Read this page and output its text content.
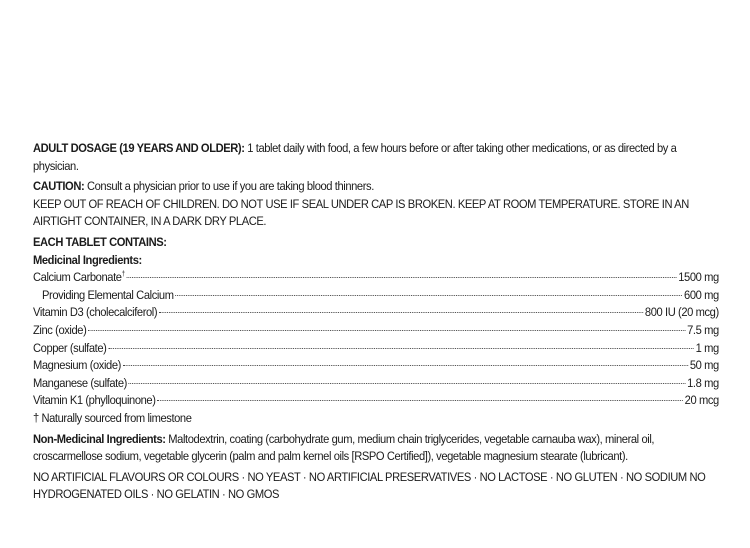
ADULT DOSAGE (19 YEARS AND OLDER): 1 tablet daily with food, a few hours before or after taking other medications, or as directed by a physician.

CAUTION: Consult a physician prior to use if you are taking blood thinners.

KEEP OUT OF REACH OF CHILDREN. DO NOT USE IF SEAL UNDER CAP IS BROKEN. KEEP AT ROOM TEMPERATURE. STORE IN AN AIRTIGHT CONTAINER, IN A DARK DRY PLACE.

EACH TABLET CONTAINS:

Medicinal Ingredients:

Calcium Carbonate†	1500 mg
Providing Elemental Calcium	600 mg
Vitamin D3 (cholecalciferol)	800 IU (20 mcg)
Zinc (oxide)	7.5 mg
Copper (sulfate)	1 mg
Magnesium (oxide)	50 mg
Manganese (sulfate)	1.8 mg
Vitamin K1 (phylloquinone)	20 mcg

† Naturally sourced from limestone

Non-Medicinal Ingredients: Maltodextrin, coating (carbohydrate gum, medium chain triglycerides, vegetable carnauba wax), mineral oil, croscarmellose sodium, vegetable glycerin (palm and palm kernel oils [RSPO Certified]), vegetable magnesium stearate (lubricant).

NO ARTIFICIAL FLAVOURS OR COLOURS · NO YEAST · NO ARTIFICIAL PRESERVATIVES · NO LACTOSE · NO GLUTEN · NO SODIUM NO HYDROGENATED OILS · NO GELATIN · NO GMOS
